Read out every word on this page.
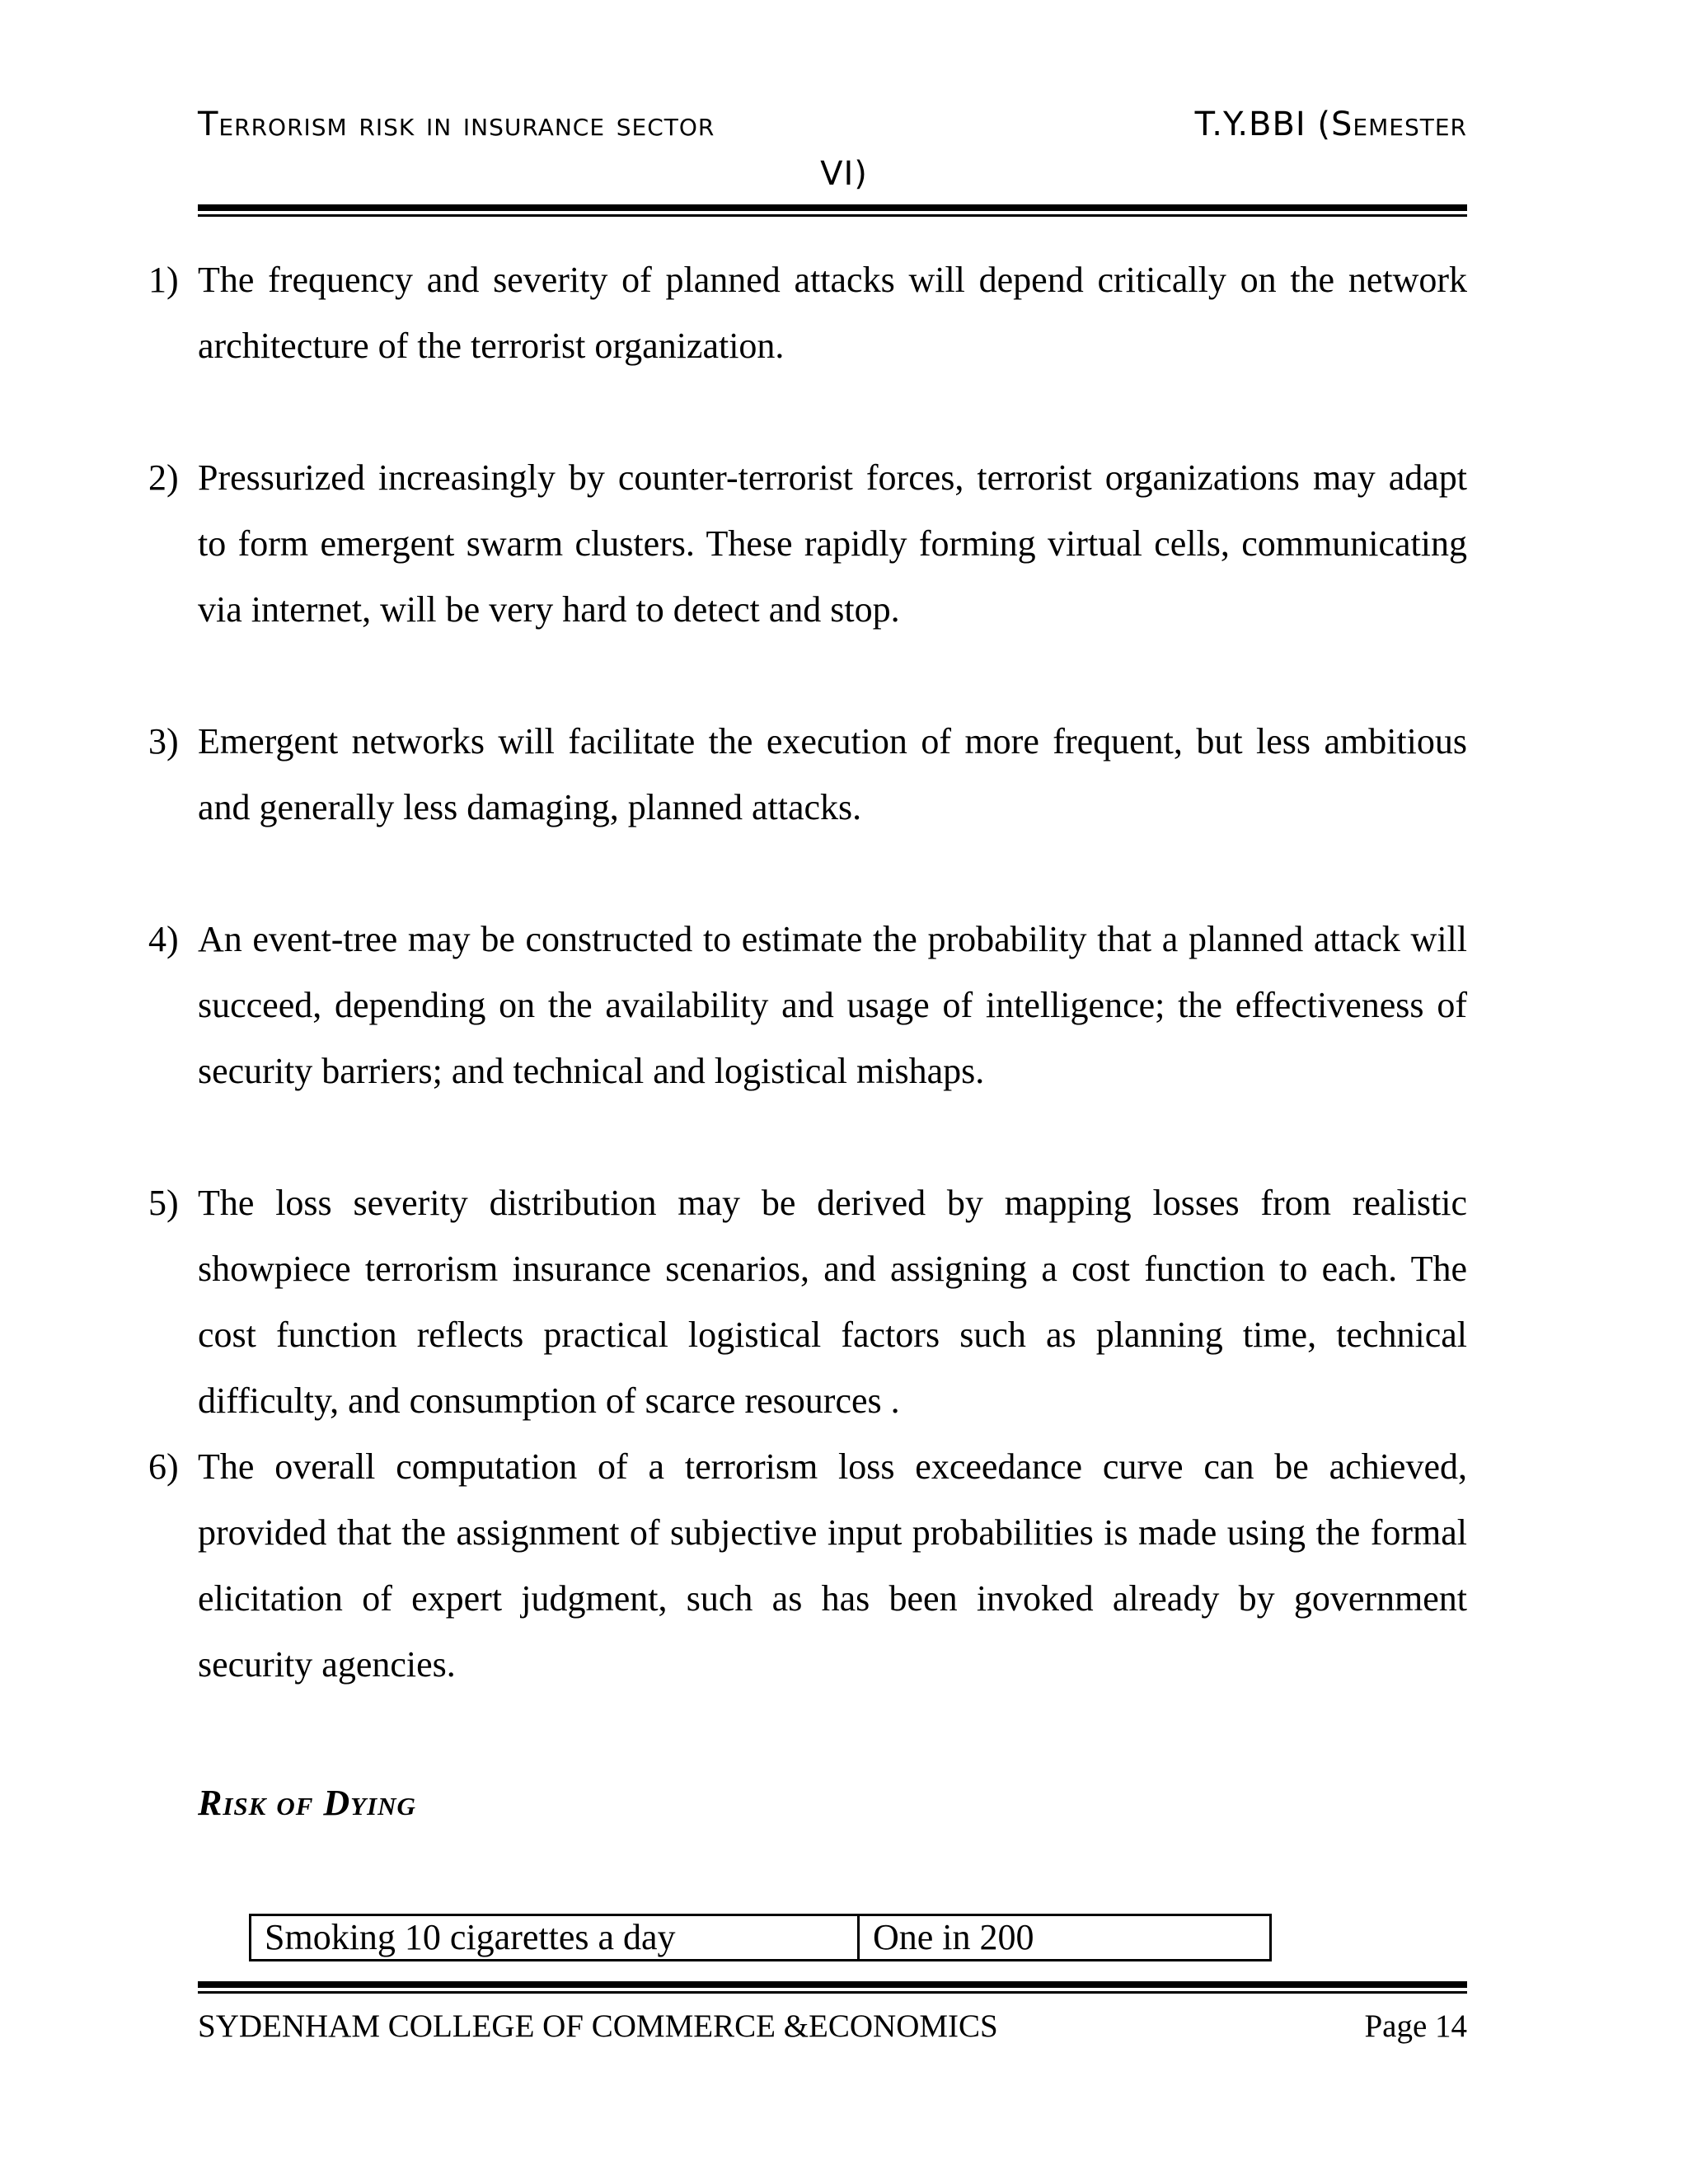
Terrorism risk in insurance sector	T.Y.BBI (Semester
VI)
1) The frequency and severity of planned attacks will depend critically on the network architecture of the terrorist organization.
2) Pressurized increasingly by counter-terrorist forces, terrorist organizations may adapt to form emergent swarm clusters. These rapidly forming virtual cells, communicating via internet, will be very hard to detect and stop.
3) Emergent networks will facilitate the execution of more frequent, but less ambitious and generally less damaging, planned attacks.
4) An event-tree may be constructed to estimate the probability that a planned attack will succeed, depending on the availability and usage of intelligence; the effectiveness of security barriers; and technical and logistical mishaps.
5) The loss severity distribution may be derived by mapping losses from realistic showpiece terrorism insurance scenarios, and assigning a cost function to each. The cost function reflects practical logistical factors such as planning time, technical difficulty, and consumption of scarce resources .
6) The overall computation of a terrorism loss exceedance curve can be achieved, provided that the assignment of subjective input probabilities is made using the formal elicitation of expert judgment, such as has been invoked already by government security agencies.
Risk of Dying
Smoking 10 cigarettes a day	One in 200
SYDENHAM COLLEGE OF COMMERCE &ECONOMICS	Page 14
